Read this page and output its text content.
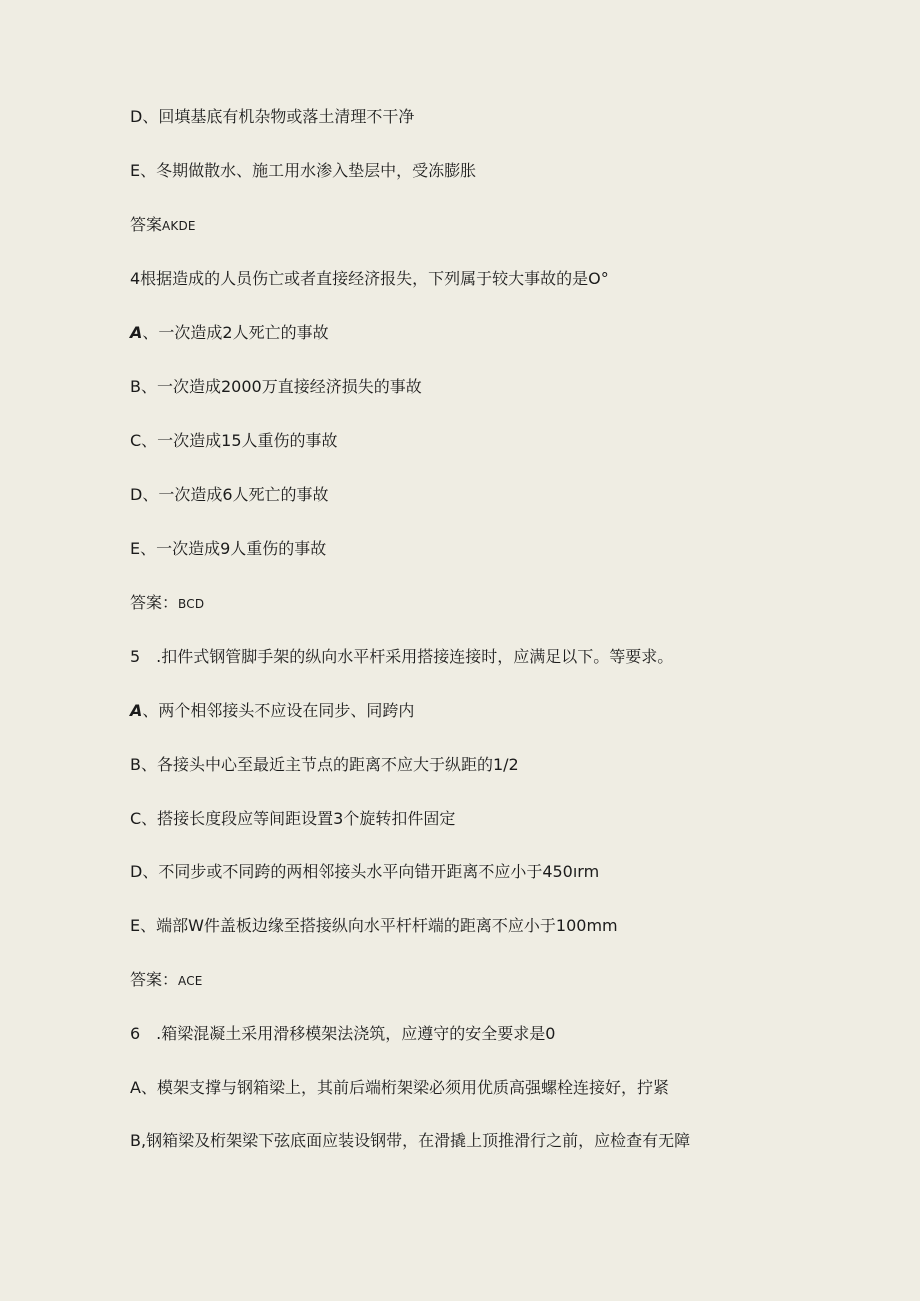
D、回填基底有机杂物或落土清理不干净
E、冬期做散水、施工用水渗入垫层中，受冻膨胀
答案AKDE
4根据造成的人员伤亡或者直接经济报失，下列属于较大事故的是O°
A、一次造成2人死亡的事故
B、一次造成2000万直接经济损失的事故
C、一次造成15人重伤的事故
D、一次造成6人死亡的事故
E、一次造成9人重伤的事故
答案：BCD
5　.扣件式钢管脚手架的纵向水平杆采用搭接连接时，应满足以下。等要求。
A、两个相邻接头不应设在同步、同跨内
B、各接头中心至最近主节点的距离不应大于纵距的1/2
C、搭接长度段应等间距设置3个旋转扣件固定
D、不同步或不同跨的两相邻接头水平向错开距离不应小于450ırm
E、端部W件盖板边缘至搭接纵向水平杆杆端的距离不应小于100mm
答案：ACE
6　.箱梁混凝土采用滑移模架法浇筑，应遵守的安全要求是0
A、模架支撑与钢箱梁上，其前后端桁架梁必须用优质高强螺栓连接好，拧紧
B,钢箱梁及桁架梁下弦底面应装设钢带，在滑撬上顶推滑行之前，应检查有无障
